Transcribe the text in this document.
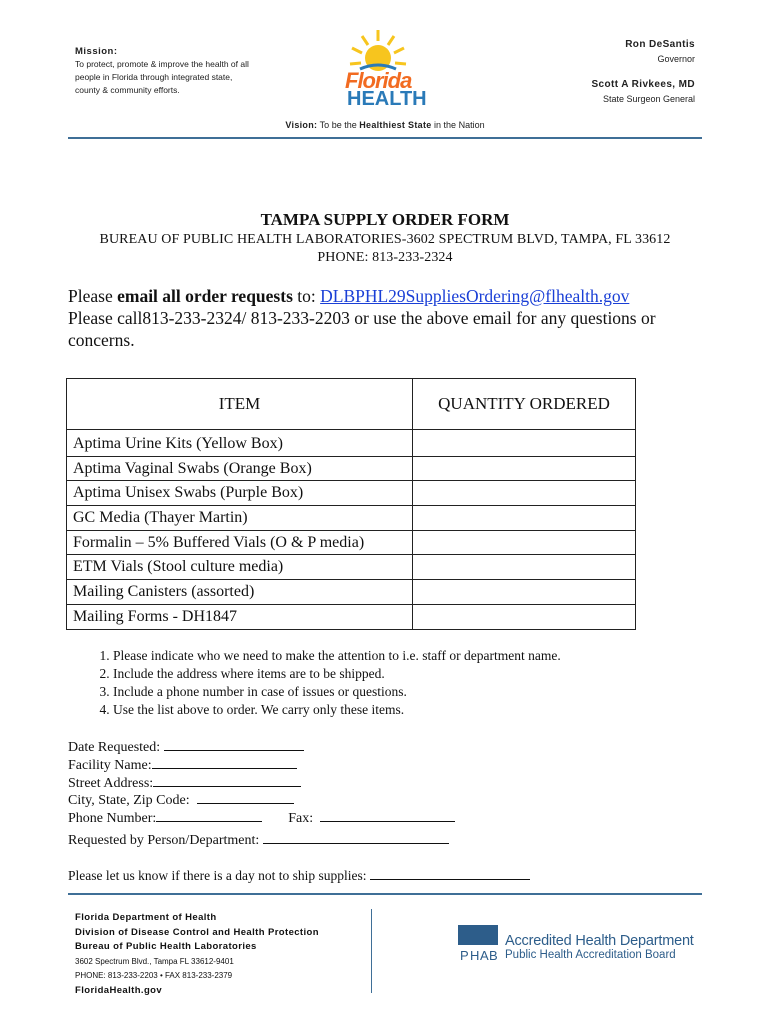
Mission:
To protect, promote & improve the health of all people in Florida through integrated state, county & community efforts.	Florida
HEALTH
Ron DeSantis
Governor
Scott A Rivkees, MD
State Surgeon General
Vision: To be the Healthiest State in the Nation
TAMPA SUPPLY ORDER FORM
BUREAU OF PUBLIC HEALTH LABORATORIES-3602 SPECTRUM BLVD, TAMPA, FL 33612
PHONE: 813-233-2324
Please email all order requests to: DLBPHL29SuppliesOrdering@flhealth.gov
Please call813-233-2324/ 813-233-2203 or use the above email for any questions or concerns.
ITEM	QUANTITY ORDERED
Aptima Urine Kits (Yellow Box)	
Aptima Vaginal Swabs (Orange Box)	
Aptima Unisex Swabs (Purple Box)	
GC Media (Thayer Martin)	
Formalin – 5% Buffered Vials (O & P media)	
ETM Vials (Stool culture media)	
Mailing Canisters (assorted)	
Mailing Forms - DH1847	
1. Please indicate who we need to make the attention to i.e. staff or department name.
2. Include the address where items are to be shipped.
3. Include a phone number in case of issues or questions.
4. Use the list above to order. We carry only these items.
Date Requested:
Facility Name:
Street Address:
City, State, Zip Code:
Phone Number:	Fax:
Requested by Person/Department:
Please let us know if there is a day not to ship supplies:
Florida Department of Health
Division of Disease Control and Health Protection
Bureau of Public Health Laboratories
3602 Spectrum Blvd., Tampa FL 33612-9401
PHONE: 813-233-2203 • FAX 813-233-2379
FloridaHealth.gov
P H A B
Accredited Health Department
Public Health Accreditation Board
